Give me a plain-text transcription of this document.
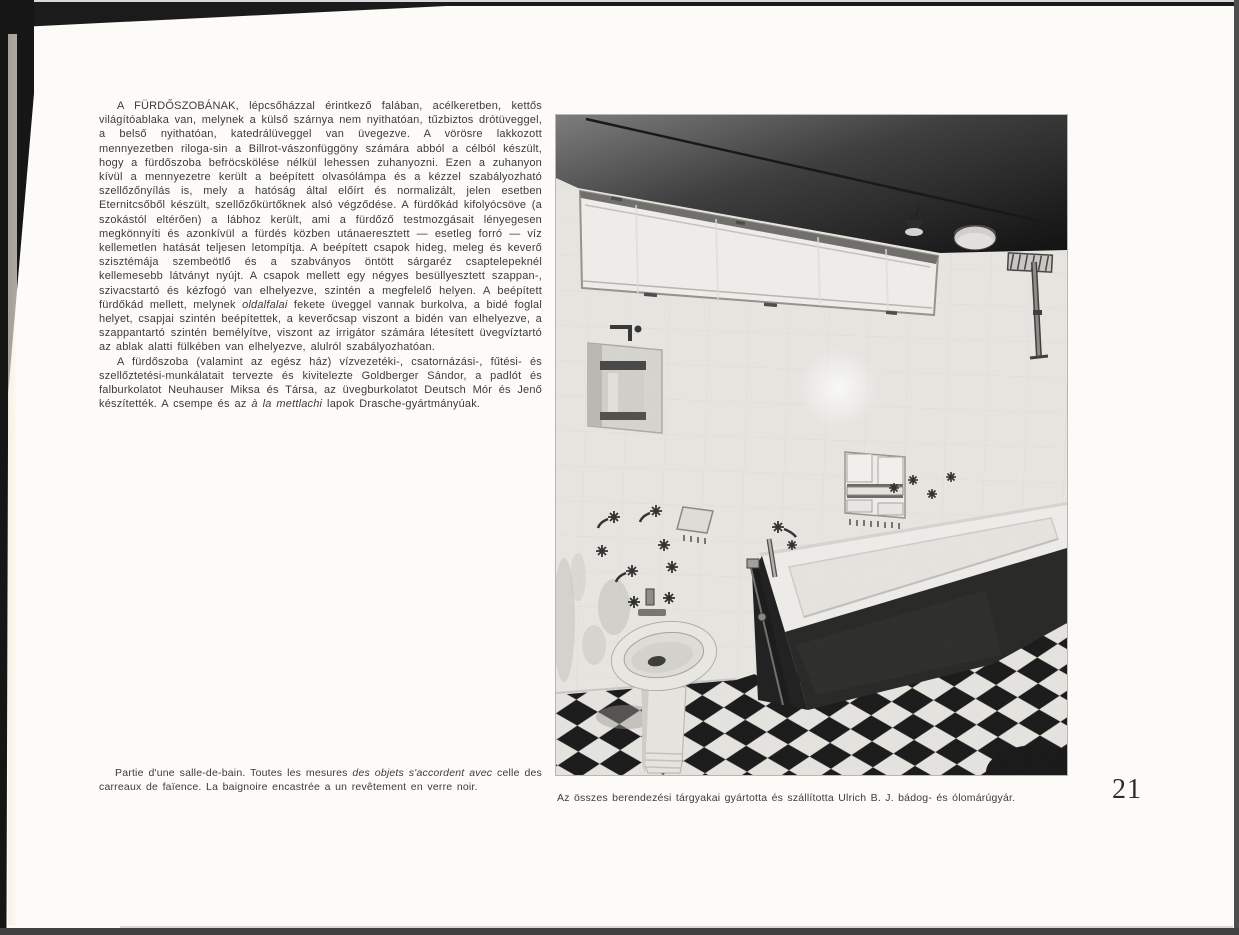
A FÜRDŐSZOBÁNAK, lépcsőházzal érintkező falában, acélkeretben, kettős világítóablaka van, melynek a külső szárnya nem nyithatóan, tűzbiztos drótüveggel, a belső nyithatóan, katedrálüveggel van üvegezve. A vörösre lakkozott mennyezetben riloga-sin a Billrot-vászonfüggöny számára abból a célból készült, hogy a fürdőszoba befröcskölése nélkül lehessen zuhanyozni. Ezen a zuhanyon kívül a mennyezetre került a beépített olvasólámpa és a kézzel szabályozható szellőzőnyílás is, mely a hatóság által előírt és normalizált, jelen esetben Eternitcsőből készült, szellőzőkürtőknek alsó végződése. A fürdőkád kifolyócsöve (a szokástól eltérően) a lábhoz került, ami a fürdőző testmozgásait lényegesen megkönnyíti és azonkívül a fürdés közben utánaeresztett — esetleg forró — víz kellemetlen hatását teljesen letompítja. A beépített csapok hideg, meleg és keverő szisztémája szembeötlő és a szabványos öntött sárgaréz csaptelepeknél kellemesebb látványt nyújt. A csapok mellett egy négyes besüllyesztett szappan-, szivacstartó és kézfogó van elhelyezve, szintén a megfelelő helyen. A beépített fürdőkád mellett, melynek oldalfalai fekete üveggel vannak burkolva, a bidé foglal helyet, csapjai szintén beépítettek, a keverőcsap viszont a bidén van elhelyezve, a szappantartó szintén bemélyítve, viszont az irrigátor számára létesített üvegvíztartó az ablak alatti fülkében van elhelyezve, alulról szabályozhatóan.

A fürdőszoba (valamint az egész ház) vízvezetéki-, csatornázási-, fűtési- és szellőztetési-munkálatait tervezte és kivitelezte Goldberger Sándor, a padlót és falburkolatot Neuhauser Miksa és Társa, az üvegburkolatot Deutsch Mór és Jenő készítették. A csempe és az à la mettlachi lapok Drasche-gyártmányúak.

Partie d'une salle-de-bain. Toutes les mesures des objets s'accordent avec celle des carreaux de faïence. La baignoire encastrée a un revêtement en verre noir.

Az összes berendezési tárgyakai gyártotta és szállította Ulrich B. J. bádog- és ólomárúgyár.	21
